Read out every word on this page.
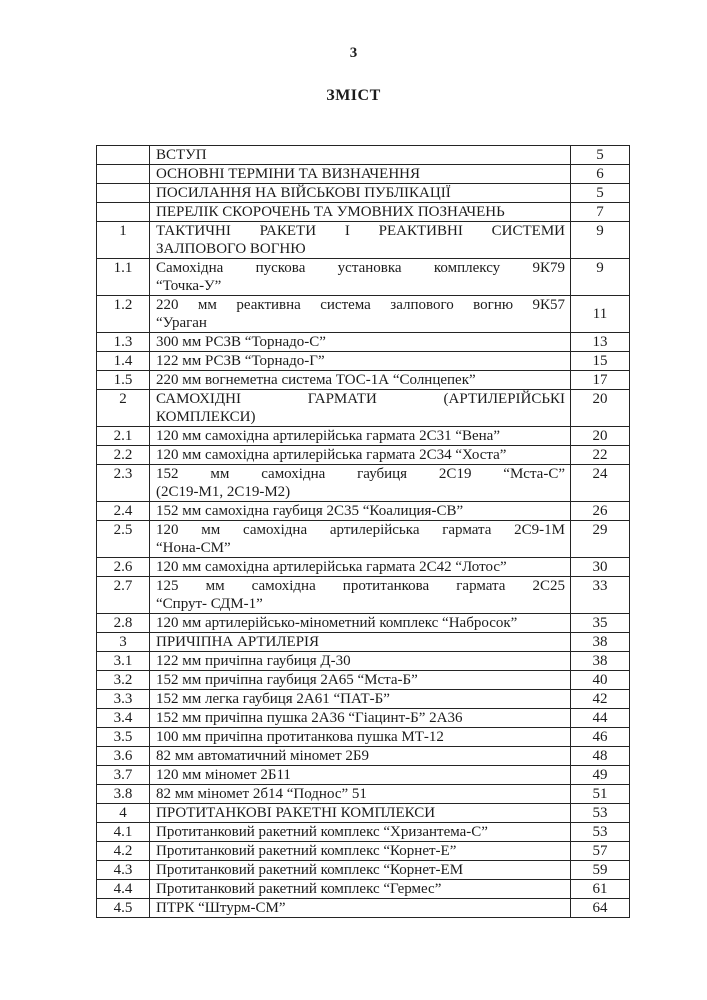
3
ЗМІСТ

	ВСТУП	5

	ОСНОВНІ ТЕРМІНИ ТА ВИЗНАЧЕННЯ	6

	ПОСИЛАННЯ НА ВІЙСЬКОВІ ПУБЛІКАЦІЇ	5

	ПЕРЕЛІК СКОРОЧЕНЬ ТА УМОВНИХ ПОЗНАЧЕНЬ	7
1	ТАКТИЧНІ РАКЕТИ І РЕАКТИВНІ СИСТЕМИ
ЗАЛПОВОГО ВОГНЮ	9
1.1	Самохідна пускова установка комплексу 9К79
“Точка-У”	9
1.2	220 мм реактивна система залпового вогню 9К57
“Ураган	11
1.3	300 мм РСЗВ “Торнадо-С”	13
1.4	122 мм РСЗВ “Торнадо-Г”	15
1.5	220 мм вогнеметна система ТОС-1А “Солнцепек”	17
2	САМОХІДНІ ГАРМАТИ (АРТИЛЕРІЙСЬКІ
КОМПЛЕКСИ)	20
2.1	120 мм самохідна артилерійська гармата 2С31 “Вена”	20
2.2	120 мм самохідна артилерійська гармата 2С34 “Хоста”	22
2.3	152 мм самохідна гаубиця 2С19 “Мста-С”
(2С19-М1, 2С19-М2)	24
2.4	152 мм самохідна гаубиця 2С35 “Коалиция-СВ”	26
2.5	120 мм самохідна артилерійська гармата 2С9-1М
“Нона-СМ”	29
2.6	120 мм самохідна артилерійська гармата 2С42 “Лотос”	30
2.7	125 мм самохідна протитанкова гармата 2С25
“Спрут- СДМ-1”	33
2.8	120 мм артилерійсько-мінометний комплекс “Набросок”	35
3	ПРИЧІПНА АРТИЛЕРІЯ	38
3.1	122 мм причіпна гаубиця Д-30	38
3.2	152 мм причіпна гаубиця 2А65 “Мста-Б”	40
3.3	152 мм легка гаубиця 2А61 “ПАТ-Б”	42
3.4	152 мм причіпна пушка 2А36 “Гіацинт-Б” 2А36	44
3.5	100 мм причіпна протитанкова пушка МТ-12	46
3.6	82 мм автоматичний міномет 2Б9	48
3.7	120 мм міномет 2Б11	49
3.8	82 мм міномет 2б14 “Поднос” 51	51
4	ПРОТИТАНКОВІ РАКЕТНІ КОМПЛЕКСИ	53
4.1	Протитанковий ракетний комплекс “Хризантема-С”	53
4.2	Протитанковий ракетний комплекс “Корнет-Е”	57
4.3	Протитанковий ракетний комплекс “Корнет-ЕМ	59
4.4	Протитанковий ракетний комплекс “Гермес”	61
4.5	ПТРК “Штурм-СМ”	64
